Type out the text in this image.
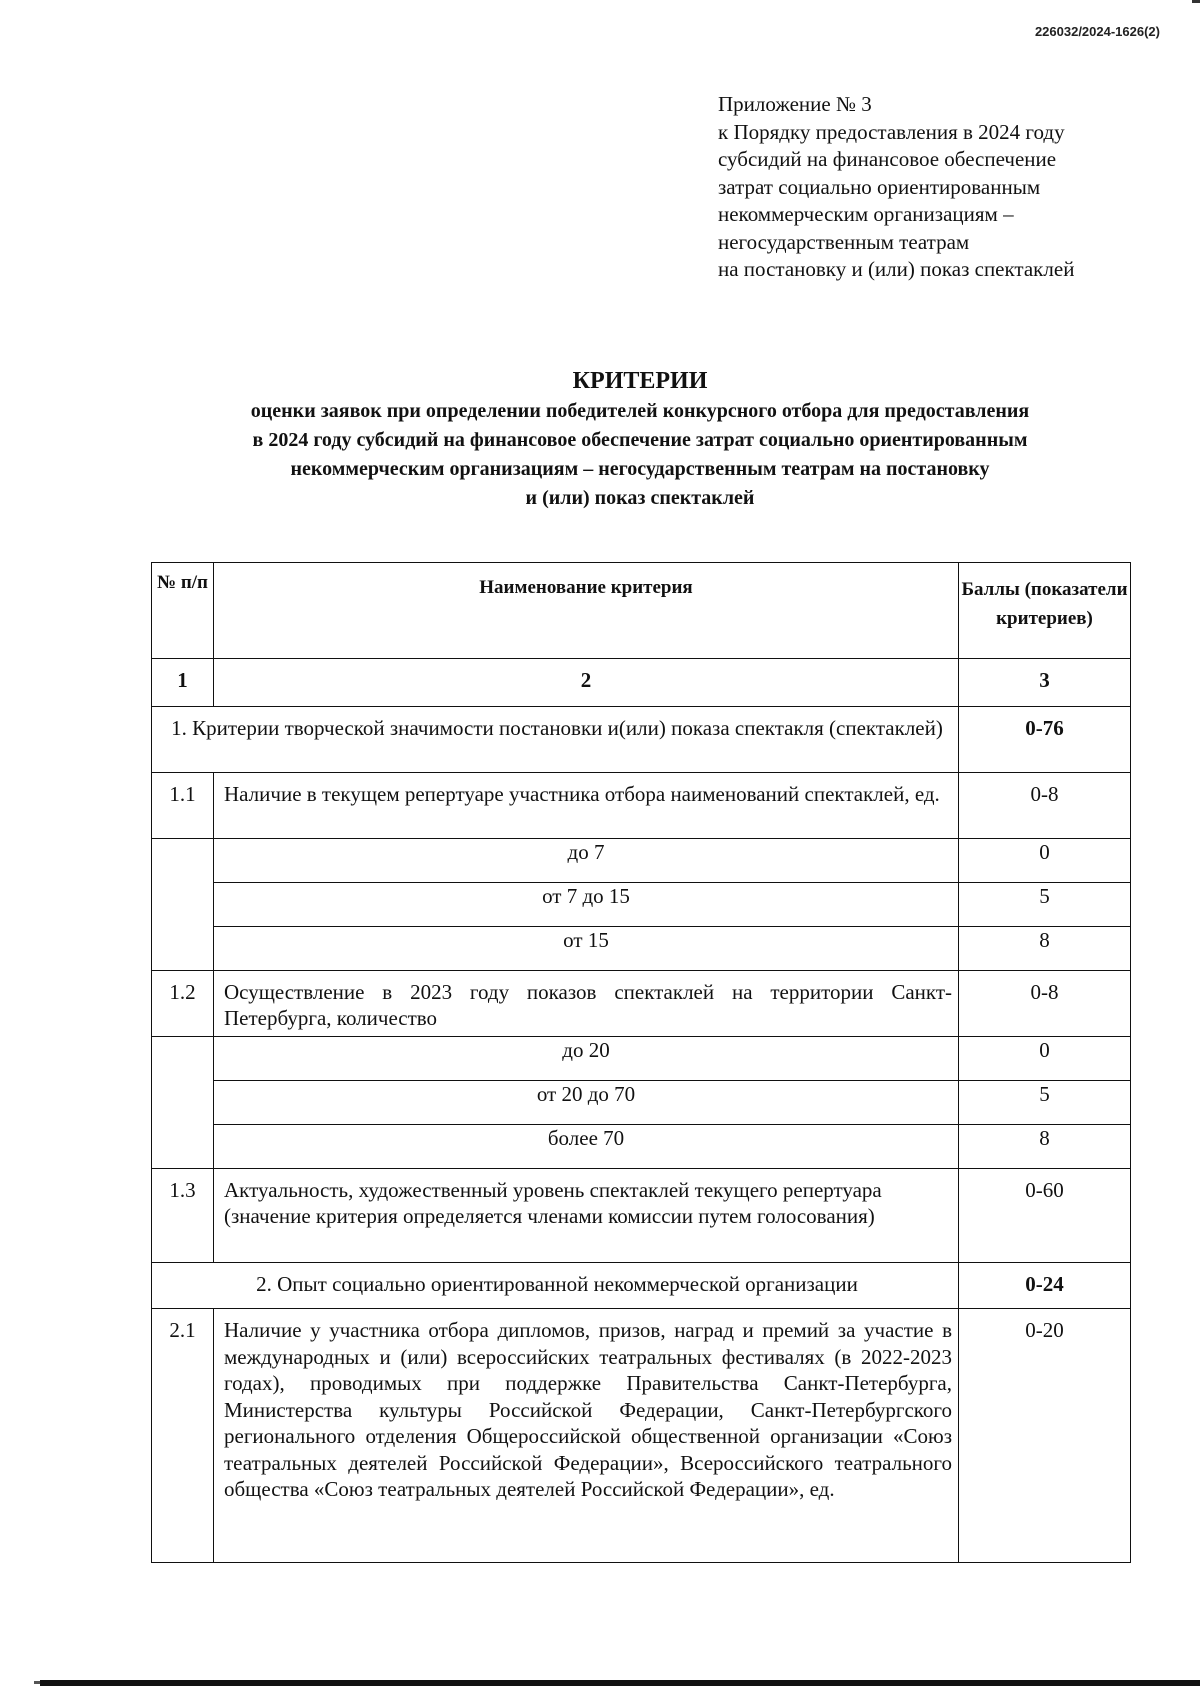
226032/2024-1626(2)
Приложение № 3
к Порядку предоставления в 2024 году
субсидий на финансовое обеспечение
затрат социально ориентированным
некоммерческим организациям –
негосударственным театрам
на постановку и (или) показ спектаклей
КРИТЕРИИ
оценки заявок при определении победителей конкурсного отбора для предоставления
в 2024 году субсидий на финансовое обеспечение затрат социально ориентированным
некоммерческим организациям – негосударственным театрам на постановку
и (или) показ спектаклей
№ п/п	Наименование критерия	Баллы (показатели критериев)
1	2	3
1. Критерии творческой значимости постановки и(или) показа спектакля (спектаклей)		0-76
1.1	Наличие в текущем репертуаре участника отбора наименований спектаклей, ед.	0-8
	до 7	0
	от 7 до 15	5
	от 15	8
1.2	Осуществление в 2023 году показов спектаклей на территории Санкт-Петербурга, количество	0-8
	до 20	0
	от 20 до 70	5
	более 70	8
1.3	Актуальность, художественный уровень спектаклей текущего репертуара (значение критерия определяется членами комиссии путем голосования)	0-60
2. Опыт социально ориентированной некоммерческой организации		0-24
2.1	Наличие у участника отбора дипломов, призов, наград и премий за участие в международных и (или) всероссийских театральных фестивалях (в 2022-2023 годах), проводимых при поддержке Правительства Санкт-Петербурга, Министерства культуры Российской Федерации, Санкт-Петербургского регионального отделения Общероссийской общественной организации «Союз театральных деятелей Российской Федерации», Всероссийского театрального общества «Союз театральных деятелей Российской Федерации», ед.	0-20
